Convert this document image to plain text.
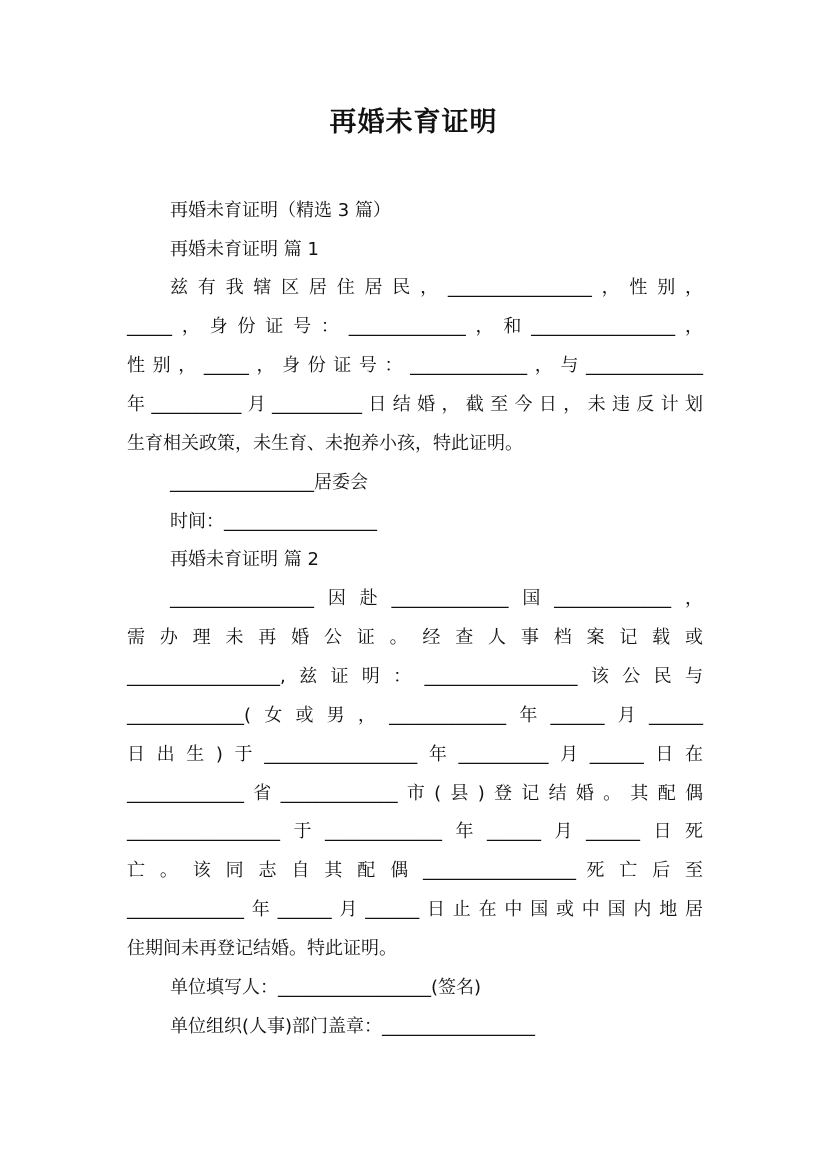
再婚未育证明
再婚未育证明（精选 3 篇）
再婚未育证明 篇 1
兹有我辖区居住居民，________________，性别，
_____，身份证号：_____________，和________________，
性别，_____，身份证号：_____________，与_____________
年__________月__________日结婚，截至今日，未违反计划
生育相关政策，未生育、未抱养小孩，特此证明。
________________居委会
时间：_________________
再婚未育证明 篇 2
________________因赴_____________国_____________，
需 办 理 未 再 婚 公 证 。 经 查 人 事 档 案 记 载 或
_________________,兹证明：_________________该公民与
_____________(女或男，_____________年______月______
日出生)于_________________年__________月______日在
_____________省_____________市(县)登记结婚。其配偶
_________________于_____________年______月______日死
亡 。 该 同 志 自 其 配 偶 _________________ 死 亡 后 至
_____________年______月______日止在中国或中国内地居
住期间未再登记结婚。特此证明。
单位填写人：_________________(签名)
单位组织(人事)部门盖章：_________________
